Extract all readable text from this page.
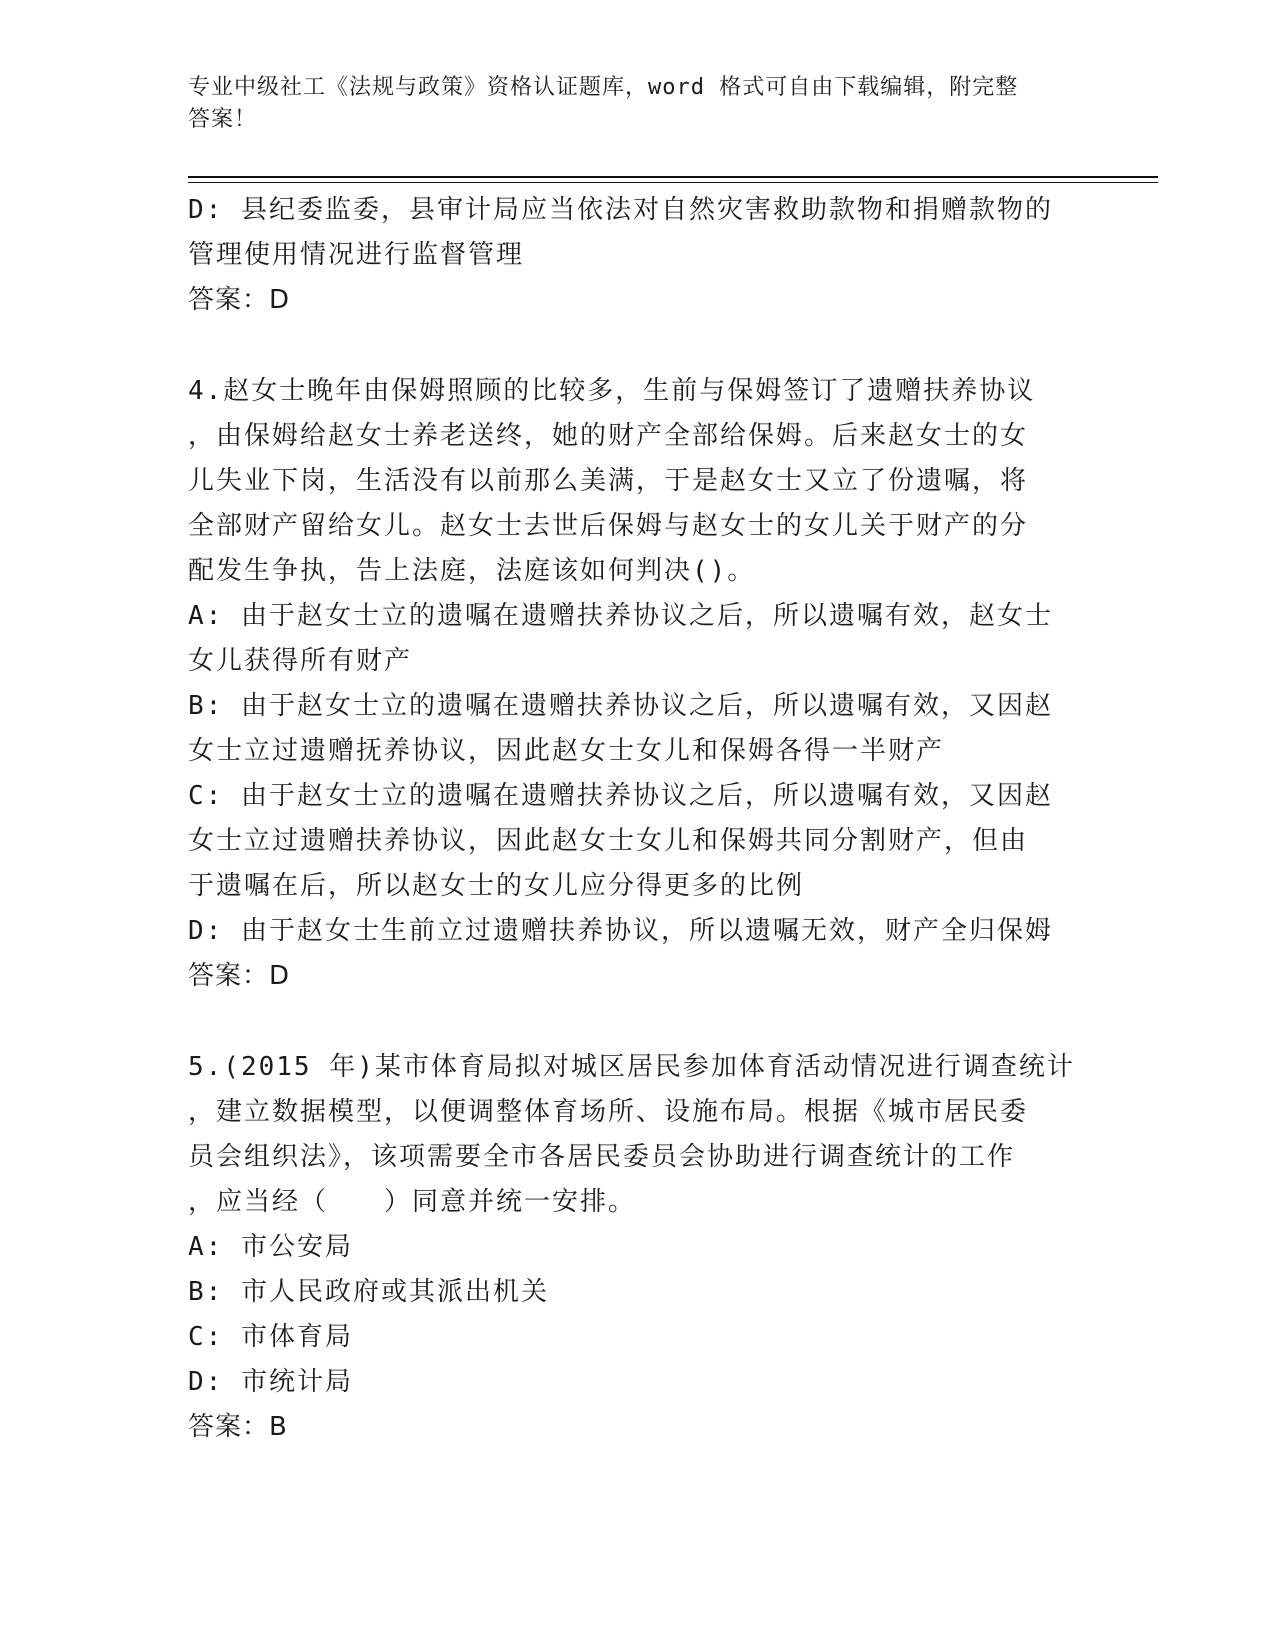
专业中级社工《法规与政策》资格认证题库，word 格式可自由下载编辑，附完整
答案！
D: 县纪委监委，县审计局应当依法对自然灾害救助款物和捐赠款物的
管理使用情况进行监督管理
答案：D
4.赵女士晚年由保姆照顾的比较多，生前与保姆签订了遗赠扶养协议
，由保姆给赵女士养老送终，她的财产全部给保姆。后来赵女士的女
儿失业下岗，生活没有以前那么美满，于是赵女士又立了份遗嘱，将
全部财产留给女儿。赵女士去世后保姆与赵女士的女儿关于财产的分
配发生争执，告上法庭，法庭该如何判决()。
A: 由于赵女士立的遗嘱在遗赠扶养协议之后，所以遗嘱有效，赵女士
女儿获得所有财产
B: 由于赵女士立的遗嘱在遗赠扶养协议之后，所以遗嘱有效，又因赵
女士立过遗赠抚养协议，因此赵女士女儿和保姆各得一半财产
C: 由于赵女士立的遗嘱在遗赠扶养协议之后，所以遗嘱有效，又因赵
女士立过遗赠扶养协议，因此赵女士女儿和保姆共同分割财产，但由
于遗嘱在后，所以赵女士的女儿应分得更多的比例
D: 由于赵女士生前立过遗赠扶养协议，所以遗嘱无效，财产全归保姆
答案：D
5.(2015 年)某市体育局拟对城区居民参加体育活动情况进行调查统计
，建立数据模型，以便调整体育场所、设施布局。根据《城市居民委
员会组织法》，该项需要全市各居民委员会协助进行调查统计的工作
，应当经（　　）同意并统一安排。
A: 市公安局
B: 市人民政府或其派出机关
C: 市体育局
D: 市统计局
答案：B
